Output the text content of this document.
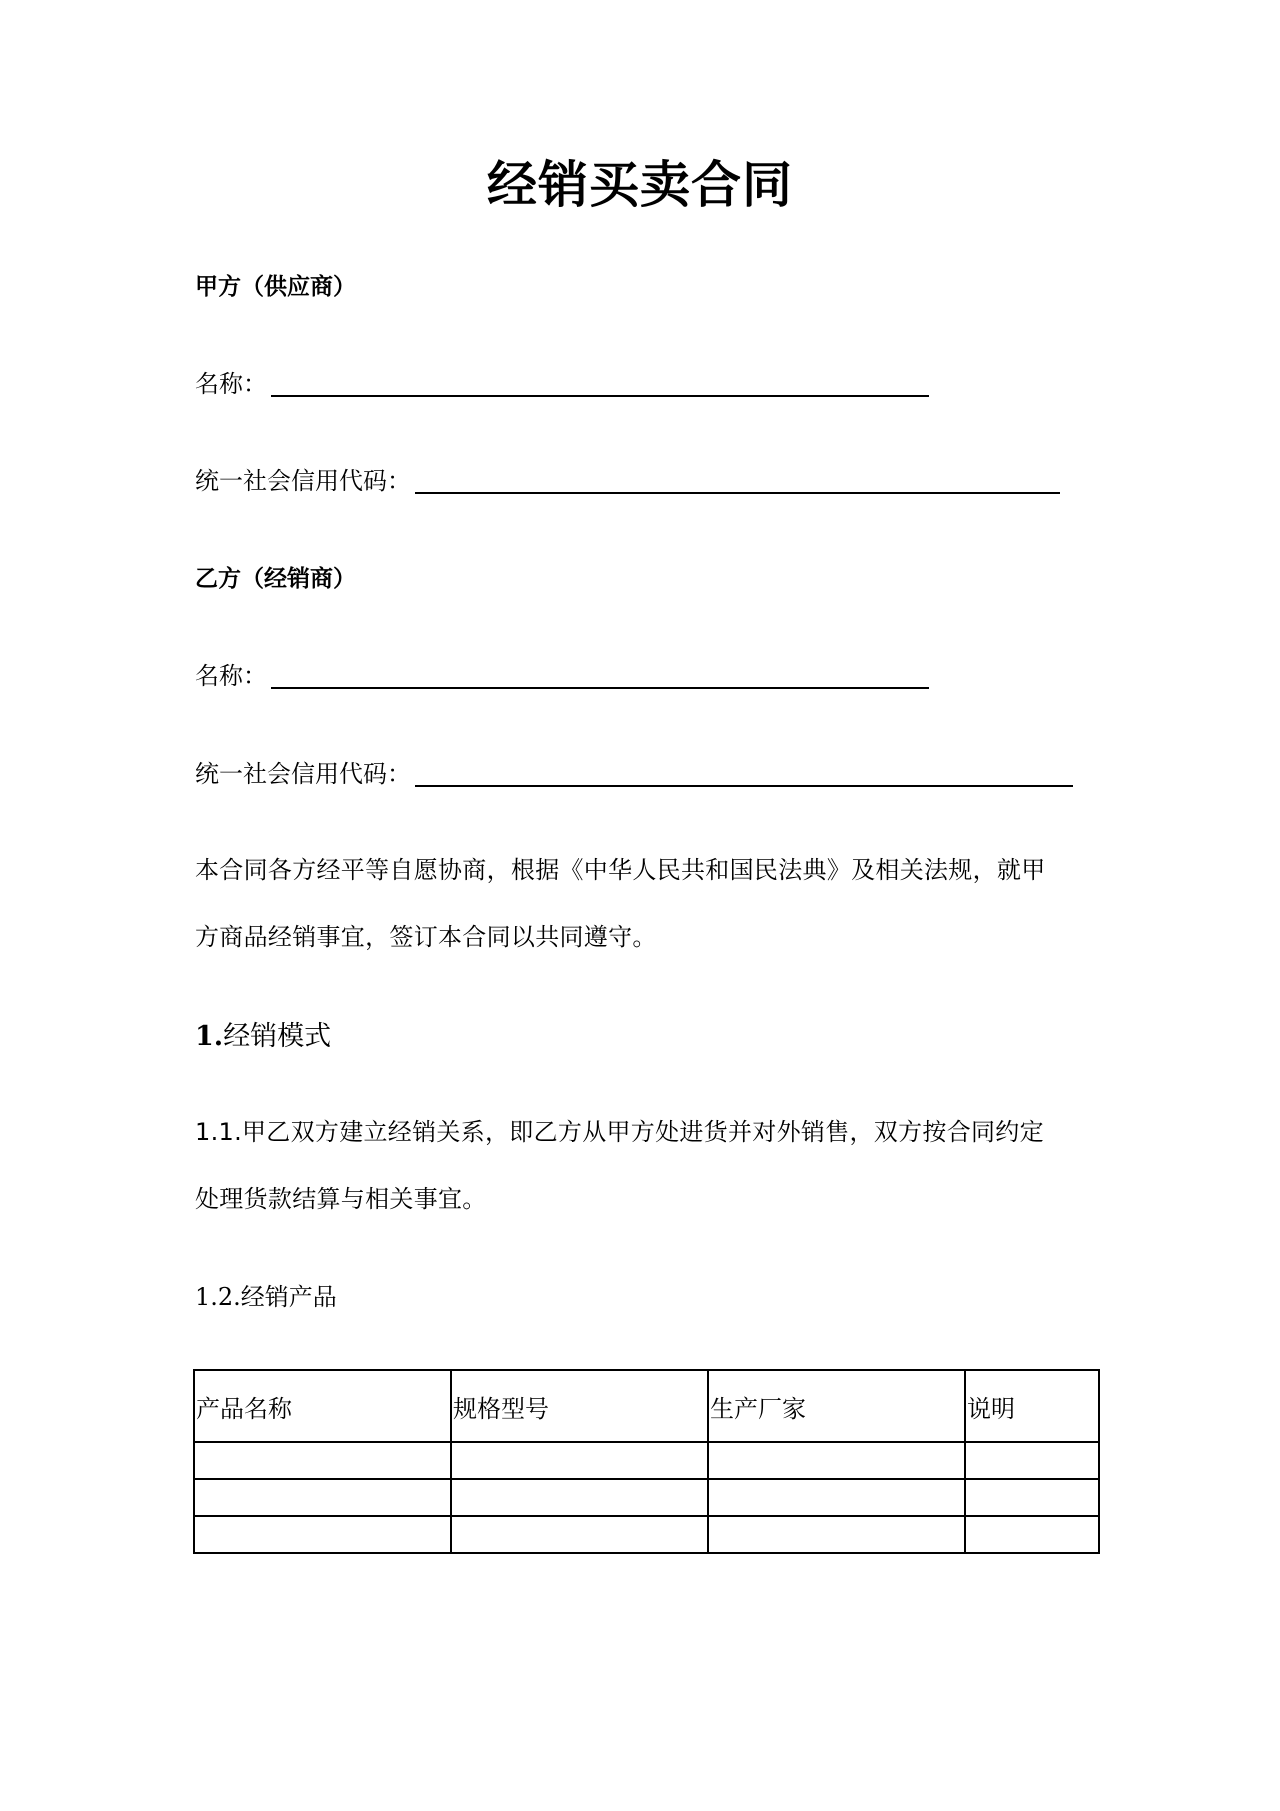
经销买卖合同
甲方（供应商）
名称：
统一社会信用代码：
乙方（经销商）
名称：
统一社会信用代码：
本合同各方经平等自愿协商，根据《中华人民共和国民法典》及相关法规，就甲
方商品经销事宜，签订本合同以共同遵守。
1.经销模式
1.1.甲乙双方建立经销关系，即乙方从甲方处进货并对外销售，双方按合同约定
处理货款结算与相关事宜。
1.2.经销产品
产品名称	规格型号	生产厂家	说明
